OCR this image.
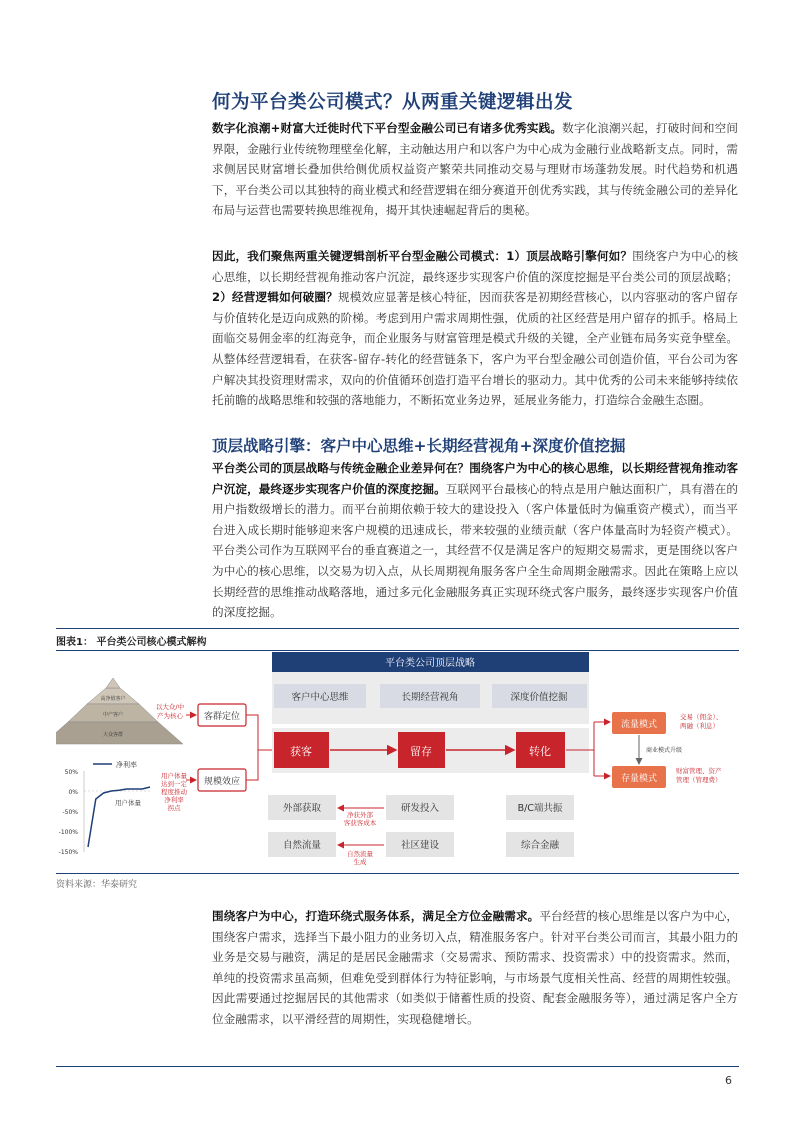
何为平台类公司模式？从两重关键逻辑出发
数字化浪潮+财富大迁徙时代下平台型金融公司已有诸多优秀实践。数字化浪潮兴起，打破时间和空间界限，金融行业传统物理壁垒化解，主动触达用户和以客户为中心成为金融行业战略新支点。同时，需求侧居民财富增长叠加供给侧优质权益资产繁荣共同推动交易与理财市场蓬勃发展。时代趋势和机遇下，平台类公司以其独特的商业模式和经营逻辑在细分赛道开创优秀实践，其与传统金融公司的差异化布局与运营也需要转换思维视角，揭开其快速崛起背后的奥秘。
因此，我们聚焦两重关键逻辑剖析平台型金融公司模式：1）顶层战略引擎何如？围绕客户为中心的核心思维，以长期经营视角推动客户沉淀，最终逐步实现客户价值的深度挖掘是平台类公司的顶层战略；2）经营逻辑如何破圈？规模效应显著是核心特征，因而获客是初期经营核心，以内容驱动的客户留存与价值转化是迈向成熟的阶梯。考虑到用户需求周期性强，优质的社区经营是用户留存的抓手。格局上面临交易佣金率的红海竞争，而企业服务与财富管理是模式升级的关键，全产业链布局务实竞争壁垒。从整体经营逻辑看，在获客-留存-转化的经营链条下，客户为平台型金融公司创造价值，平台公司为客户解决其投资理财需求，双向的价值循环创造打造平台增长的驱动力。其中优秀的公司未来能够持续依托前瞻的战略思维和较强的落地能力，不断拓宽业务边界，延展业务能力，打造综合金融生态圈。
顶层战略引擎：客户中心思维+长期经营视角+深度价值挖掘
平台类公司的顶层战略与传统金融企业差异何在？围绕客户为中心的核心思维，以长期经营视角推动客户沉淀，最终逐步实现客户价值的深度挖掘。互联网平台最核心的特点是用户触达面积广，具有潜在的用户指数级增长的潜力。而平台前期依赖于较大的建设投入（客户体量低时为偏重资产模式），而当平台进入成长期时能够迎来客户规模的迅速成长，带来较强的业绩贡献（客户体量高时为轻资产模式）。平台类公司作为互联网平台的垂直赛道之一，其经营不仅是满足客户的短期交易需求，更是围绕以客户为中心的核心思维，以交易为切入点，从长周期视角服务客户全生命周期金融需求。因此在策略上应以长期经营的思维推动战略落地，通过多元化金融服务真正实现环绕式客户服务，最终逐步实现客户价值的深度挖掘。
图表1： 平台类公司核心模式解构
平台类公司顶层战略
客户中心思维	长期经营视角	深度价值挖掘
获客	留存	转化
外部获取
自然流量
研发投入
社区建设
B/C端共振
综合金融
净获外部
客获客成本
自然流量
生成
高净值客户
中产客户
大众客群
以大众/中
产为核心
净利率
50%
0%
-50%
-100%
-150%
用户体量
用户体量
达到一定
程度推动
净利率
拐点
客群定位
规模效应
流量模式
存量模式
商业模式升级
交易（佣金）、
两融（利息）
财富管理、资产
管理（管理费）
资料来源：华泰研究
围绕客户为中心，打造环绕式服务体系，满足全方位金融需求。平台经营的核心思维是以客户为中心，围绕客户需求，选择当下最小阻力的业务切入点，精准服务客户。针对平台类公司而言，其最小阻力的业务是交易与融资，满足的是居民金融需求（交易需求、预防需求、投资需求）中的投资需求。然而，单纯的投资需求虽高频，但难免受到群体行为特征影响，与市场景气度相关性高、经营的周期性较强。因此需要通过挖掘居民的其他需求（如类似于储蓄性质的投资、配套金融服务等），通过满足客户全方位金融需求，以平滑经营的周期性，实现稳健增长。
6
